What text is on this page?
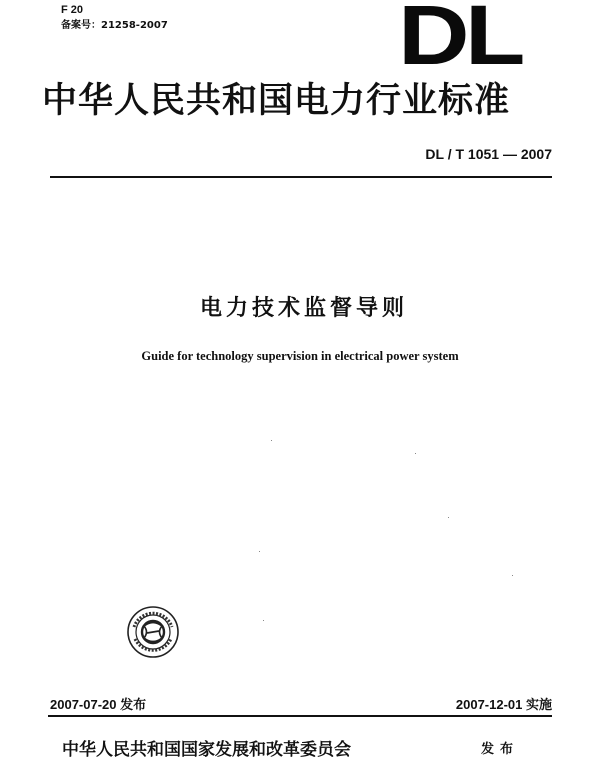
F 20
备案号：21258-2007	DL
中华人民共和国电力行业标准
DL / T 1051 — 2007
电力技术监督导则
Guide for technology supervision in electrical power system
2007-07-20 发布	2007-12-01 实施
中华人民共和国国家发展和改革委员会	发布
